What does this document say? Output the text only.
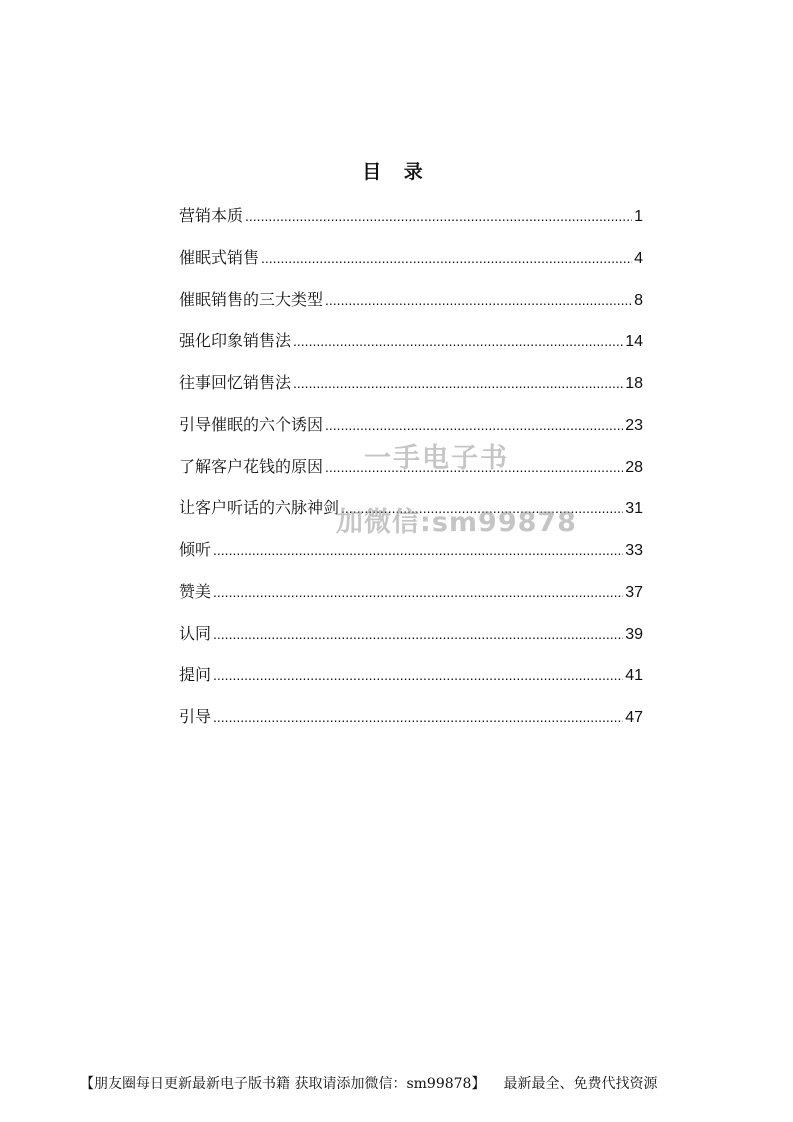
目 录
营销本质 .....	1
催眠式销售 .....	4
催眠销售的三大类型 .....	8
强化印象销售法 .....	14
往事回忆销售法 .....	18
引导催眠的六个诱因 .....	23
了解客户花钱的原因 .....	28
让客户听话的六脉神剑 .....	31
倾听 .....	33
赞美 .....	37
认同 .....	39
提问 .....	41
引导 .....	47
一手电子书
加微信:sm99878
【朋友圈每日更新最新电子版书籍 获取请添加微信：sm99878】 最新最全、免费代找资源
